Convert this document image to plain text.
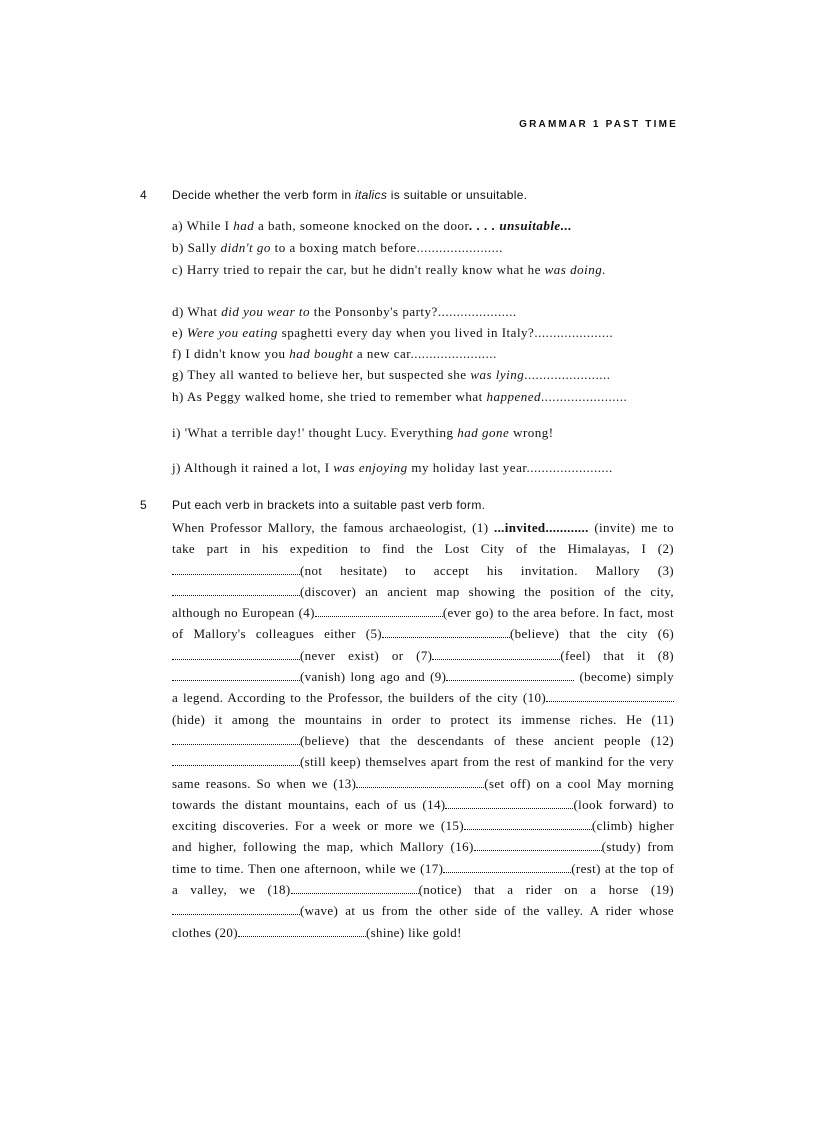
GRAMMAR 1 PAST TIME
4 Decide whether the verb form in italics is suitable or unsuitable.
a) While I had a bath, someone knocked on the door. . . . unsuitable...
b) Sally didn't go to a boxing match before.......................
c) Harry tried to repair the car, but he didn't really know what he was doing.
d) What did you wear to the Ponsonby's party?.....................
e) Were you eating spaghetti every day when you lived in Italy?.....................
f) I didn't know you had bought a new car.......................
g) They all wanted to believe her, but suspected she was lying.......................
h) As Peggy walked home, she tried to remember what happened.......................
i) 'What a terrible day!' thought Lucy. Everything had gone wrong!
j) Although it rained a lot, I was enjoying my holiday last year.......................
5 Put each verb in brackets into a suitable past verb form.
When Professor Mallory, the famous archaeologist, (1) ...invited............ (invite) me to take part in his expedition to find the Lost City of the Himalayas, I (2)(not hesitate) to accept his invitation. Mallory (3)(discover) an ancient map showing the position of the city, although no European (4)	(ever go) to the area before. In fact, most of Mallory's colleagues either (5)	(believe) that the city (6)(never exist) or (7)	(feel) that it (8)(vanish) long ago and (9)	(become) simply a legend. According to the Professor, the builders of the city (10)(hide) it among the mountains in order to protect its immense riches. He (11)(believe) that the descendants of these ancient people (12)(still keep) themselves apart from the rest of mankind for the very same reasons. So when we (13)	(set off) on a cool May morning towards the distant mountains, each of us (14)	(look forward) to exciting discoveries. For a week or more we (15)	(climb) higher and higher, following the map, which Mallory (16)	(study) from time to time. Then one afternoon, while we (17)	(rest) at the top of a valley, we (18)	(notice) that a rider on a horse (19)(wave) at us from the other side of the valley. A rider whose clothes (20)	(shine) like gold!
